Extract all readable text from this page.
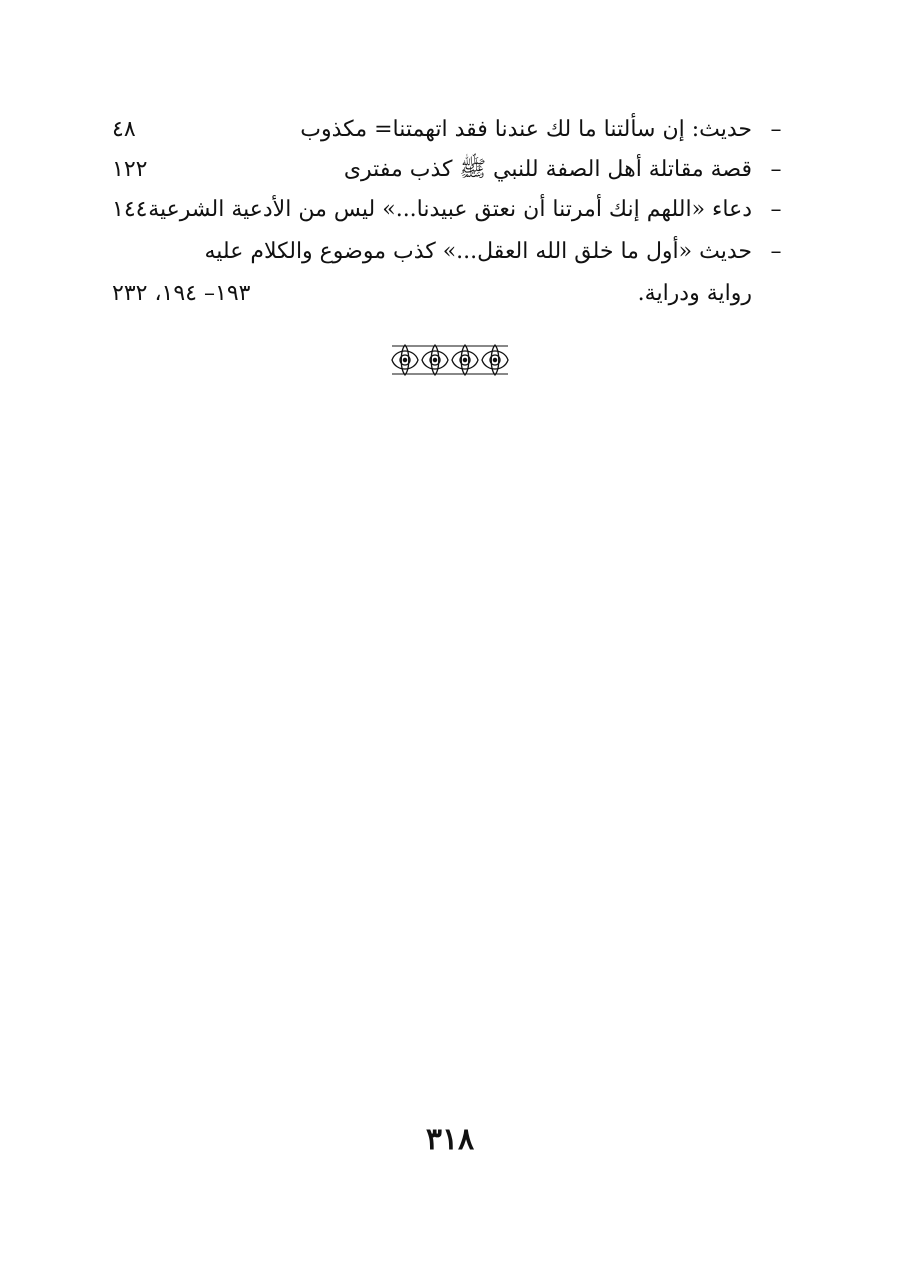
–
حديث: إن سألتنا ما لك عندنا فقد اتهمتنا= مكذوب
٤٨
–
قصة مقاتلة أهل الصفة للنبي ﷺ كذب مفترى
١٢٢
–
دعاء «اللهم إنك أمرتنا أن نعتق عبيدنا...» ليس من الأدعية الشرعية
١٤٤
–
حديث «أول ما خلق الله العقل...» كذب موضوع والكلام عليه
رواية ودراية.
١٩٣– ١٩٤، ٢٣٢
٣١٨
